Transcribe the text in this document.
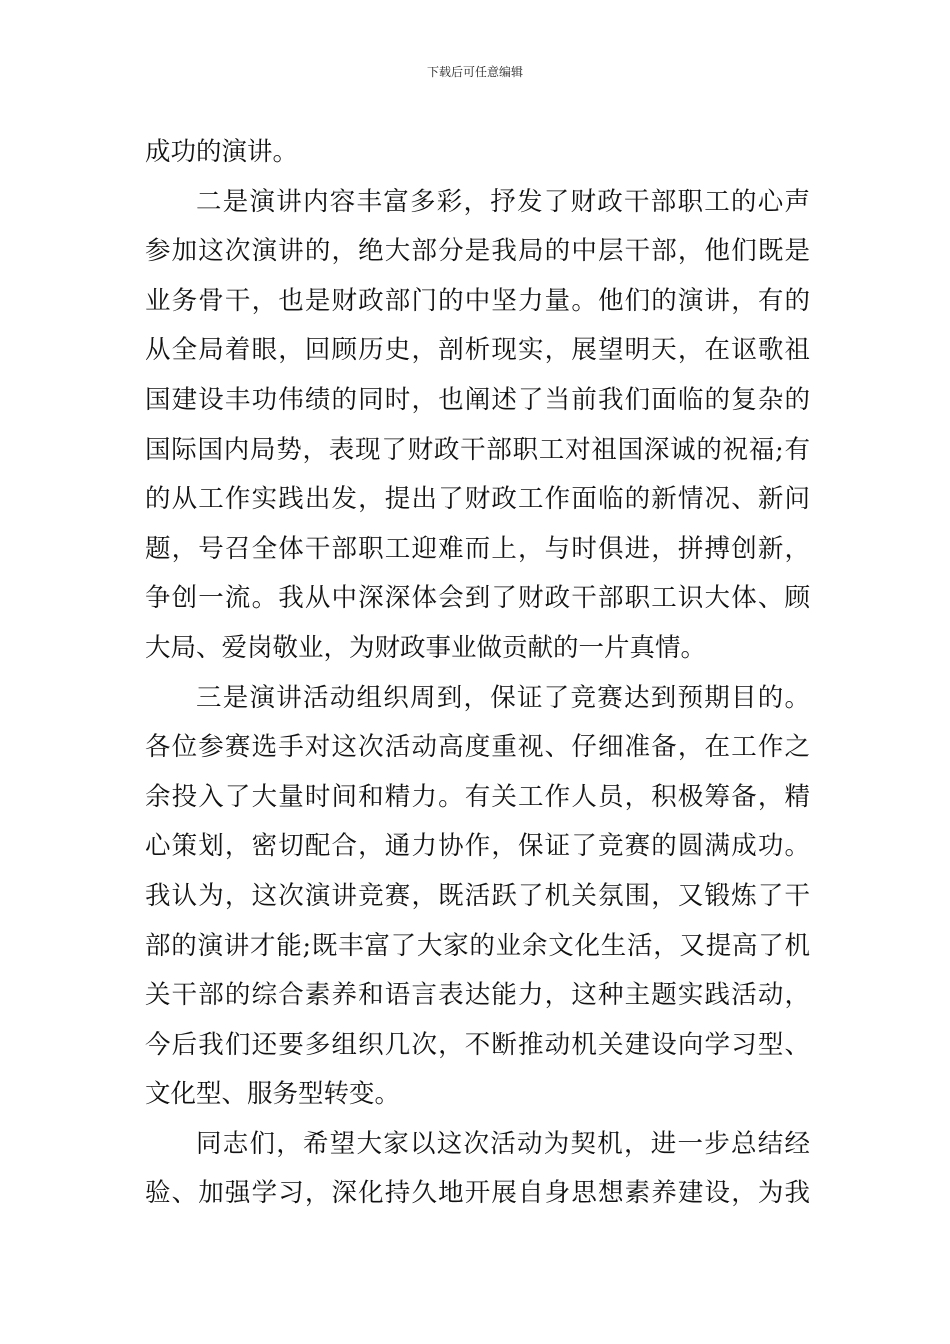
下载后可任意编辑
成功的演讲。
二是演讲内容丰富多彩，抒发了财政干部职工的心声
参加这次演讲的，绝大部分是我局的中层干部，他们既是
业务骨干，也是财政部门的中坚力量。他们的演讲，有的
从全局着眼，回顾历史，剖析现实，展望明天，在讴歌祖
国建设丰功伟绩的同时，也阐述了当前我们面临的复杂的
国际国内局势，表现了财政干部职工对祖国深诚的祝福;有
的从工作实践出发，提出了财政工作面临的新情况、新问
题，号召全体干部职工迎难而上，与时俱进，拼搏创新，
争创一流。我从中深深体会到了财政干部职工识大体、顾
大局、爱岗敬业，为财政事业做贡献的一片真情。
三是演讲活动组织周到，保证了竞赛达到预期目的。
各位参赛选手对这次活动高度重视、仔细准备，在工作之
余投入了大量时间和精力。有关工作人员，积极筹备，精
心策划，密切配合，通力协作，保证了竞赛的圆满成功。
我认为，这次演讲竞赛，既活跃了机关氛围，又锻炼了干
部的演讲才能;既丰富了大家的业余文化生活，又提高了机
关干部的综合素养和语言表达能力，这种主题实践活动，
今后我们还要多组织几次，不断推动机关建设向学习型、
文化型、服务型转变。
同志们，希望大家以这次活动为契机，进一步总结经
验、加强学习，深化持久地开展自身思想素养建设，为我
